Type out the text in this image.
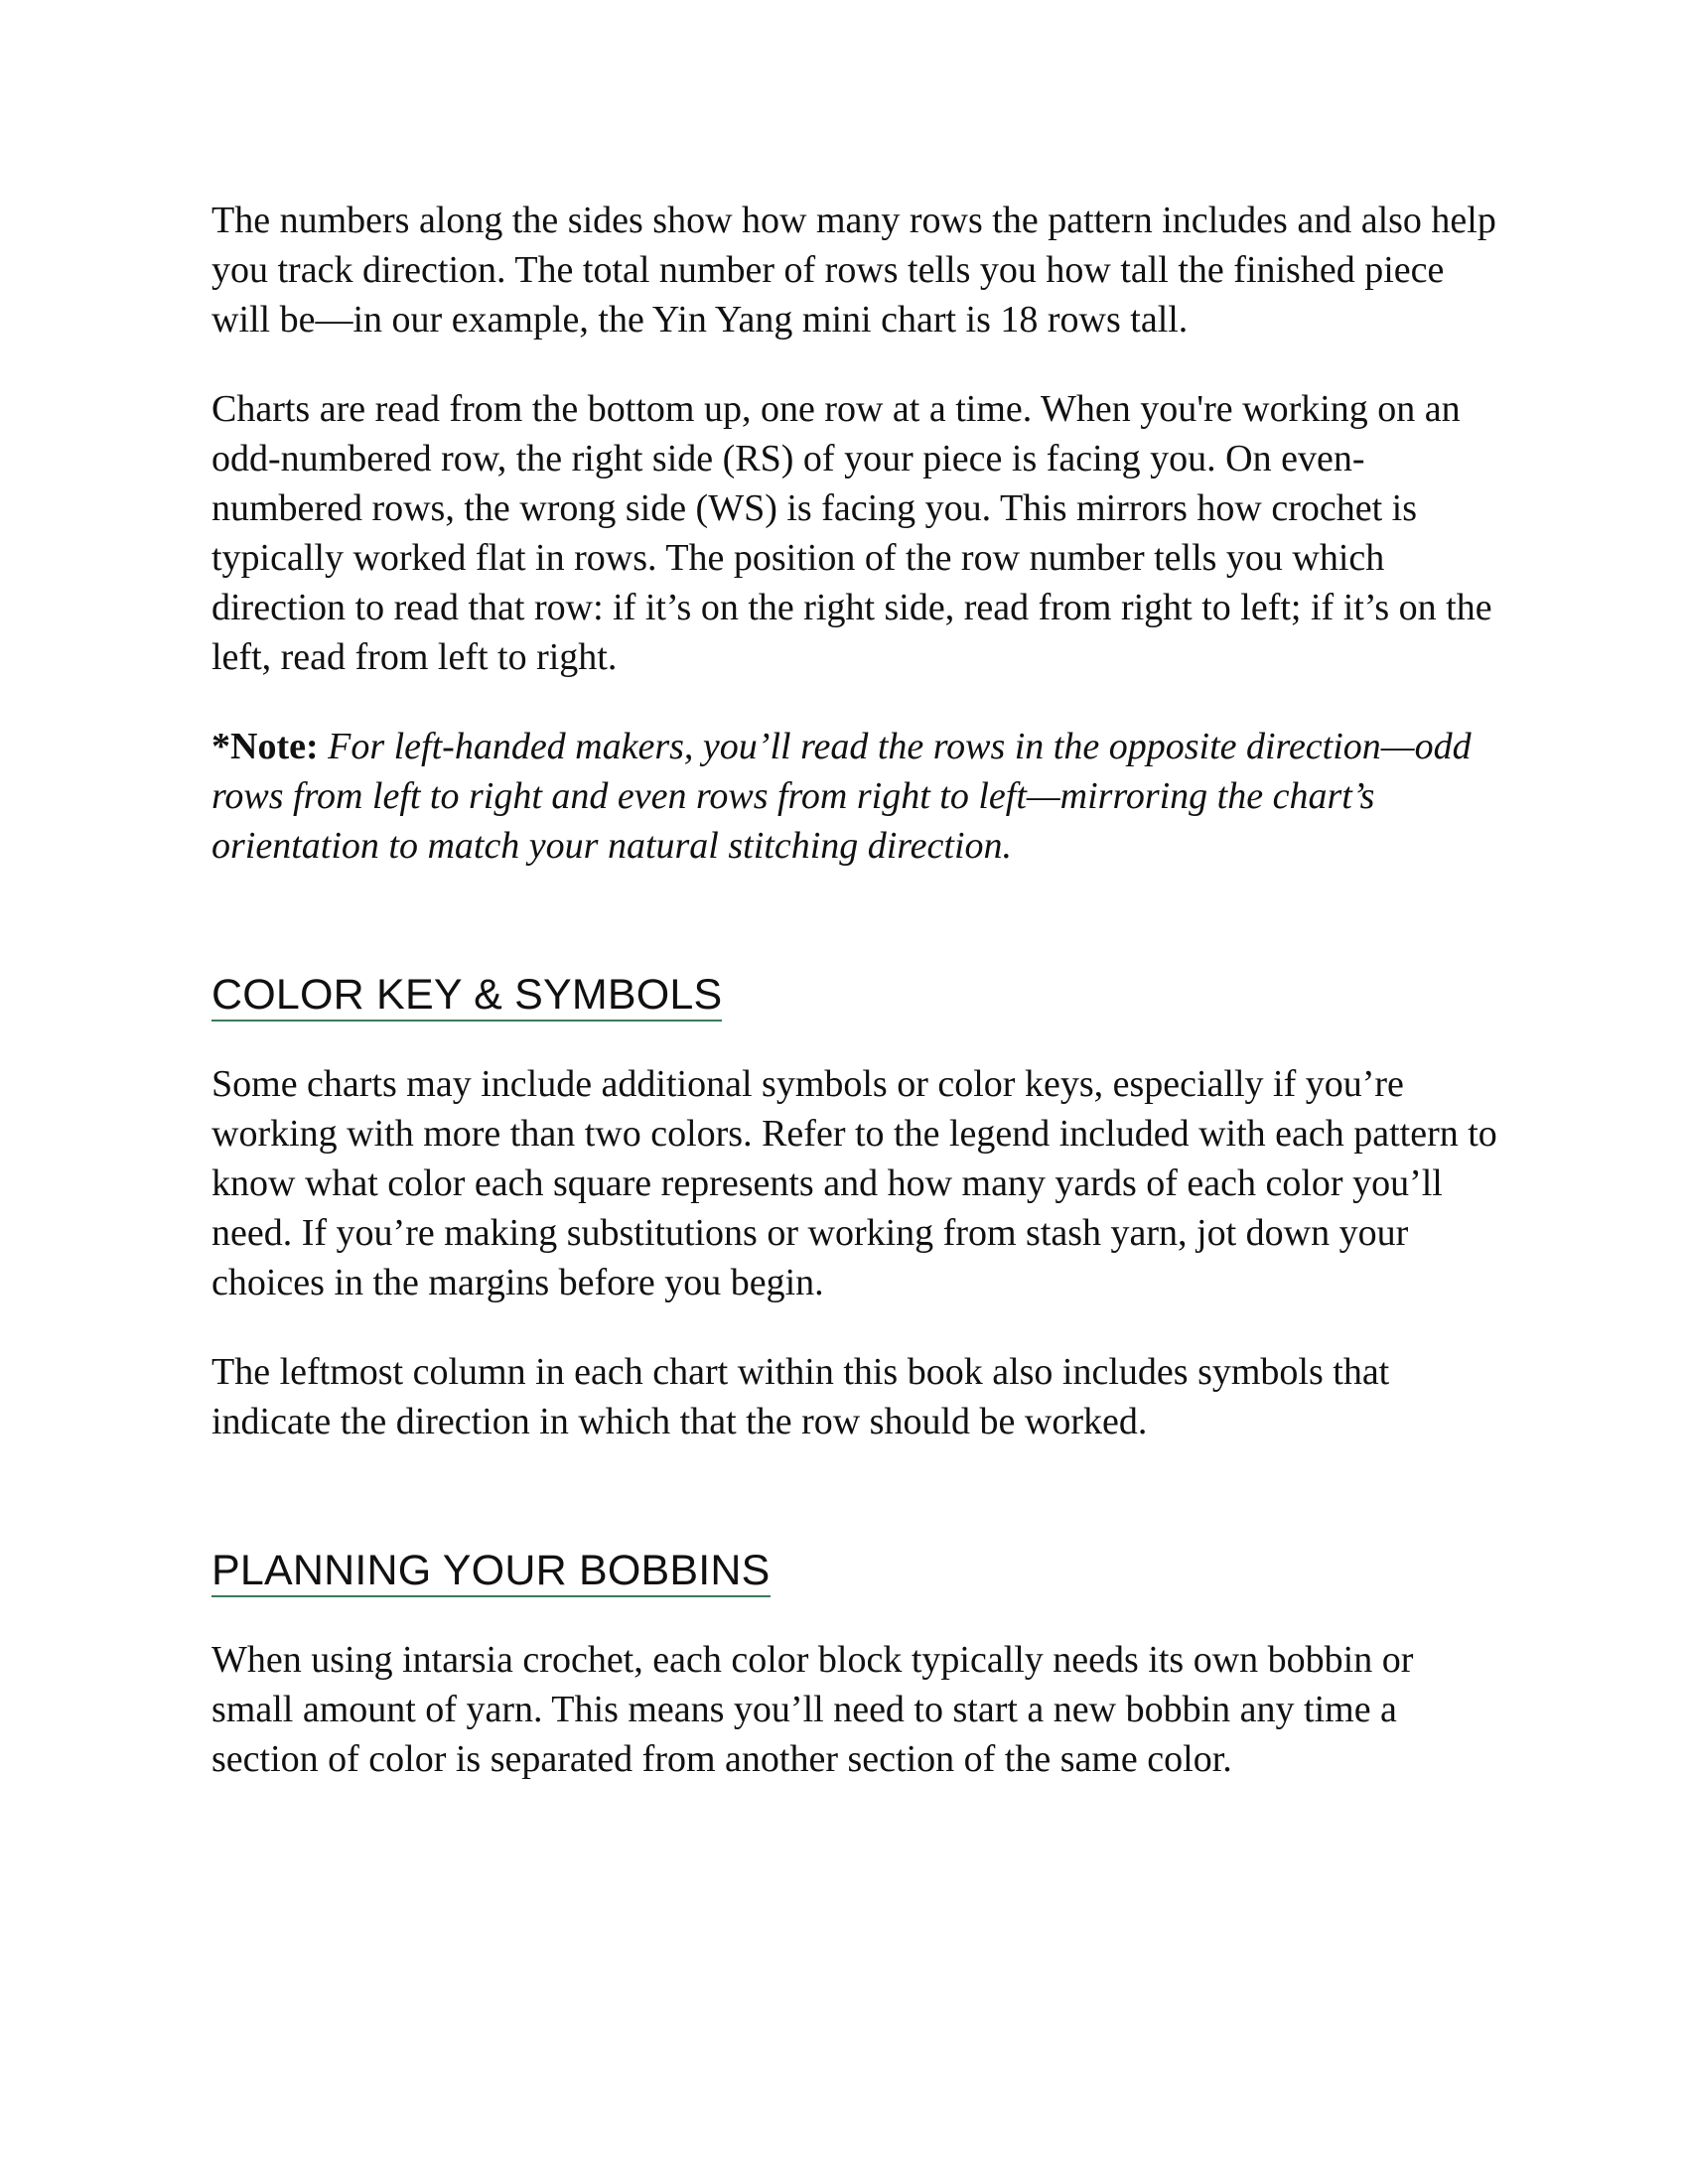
The numbers along the sides show how many rows the pattern includes and also help you track direction. The total number of rows tells you how tall the finished piece will be—in our example, the Yin Yang mini chart is 18 rows tall.

Charts are read from the bottom up, one row at a time. When you're working on an odd-numbered row, the right side (RS) of your piece is facing you. On even-numbered rows, the wrong side (WS) is facing you. This mirrors how crochet is typically worked flat in rows. The position of the row number tells you which direction to read that row: if it’s on the right side, read from right to left; if it’s on the left, read from left to right.

*Note: For left-handed makers, you’ll read the rows in the opposite direction—odd rows from left to right and even rows from right to left—mirroring the chart’s orientation to match your natural stitching direction.

COLOR KEY & SYMBOLS

Some charts may include additional symbols or color keys, especially if you’re working with more than two colors. Refer to the legend included with each pattern to know what color each square represents and how many yards of each color you’ll need. If you’re making substitutions or working from stash yarn, jot down your choices in the margins before you begin.

The leftmost column in each chart within this book also includes symbols that indicate the direction in which that the row should be worked.

PLANNING YOUR BOBBINS

When using intarsia crochet, each color block typically needs its own bobbin or small amount of yarn. This means you’ll need to start a new bobbin any time a section of color is separated from another section of the same color.
